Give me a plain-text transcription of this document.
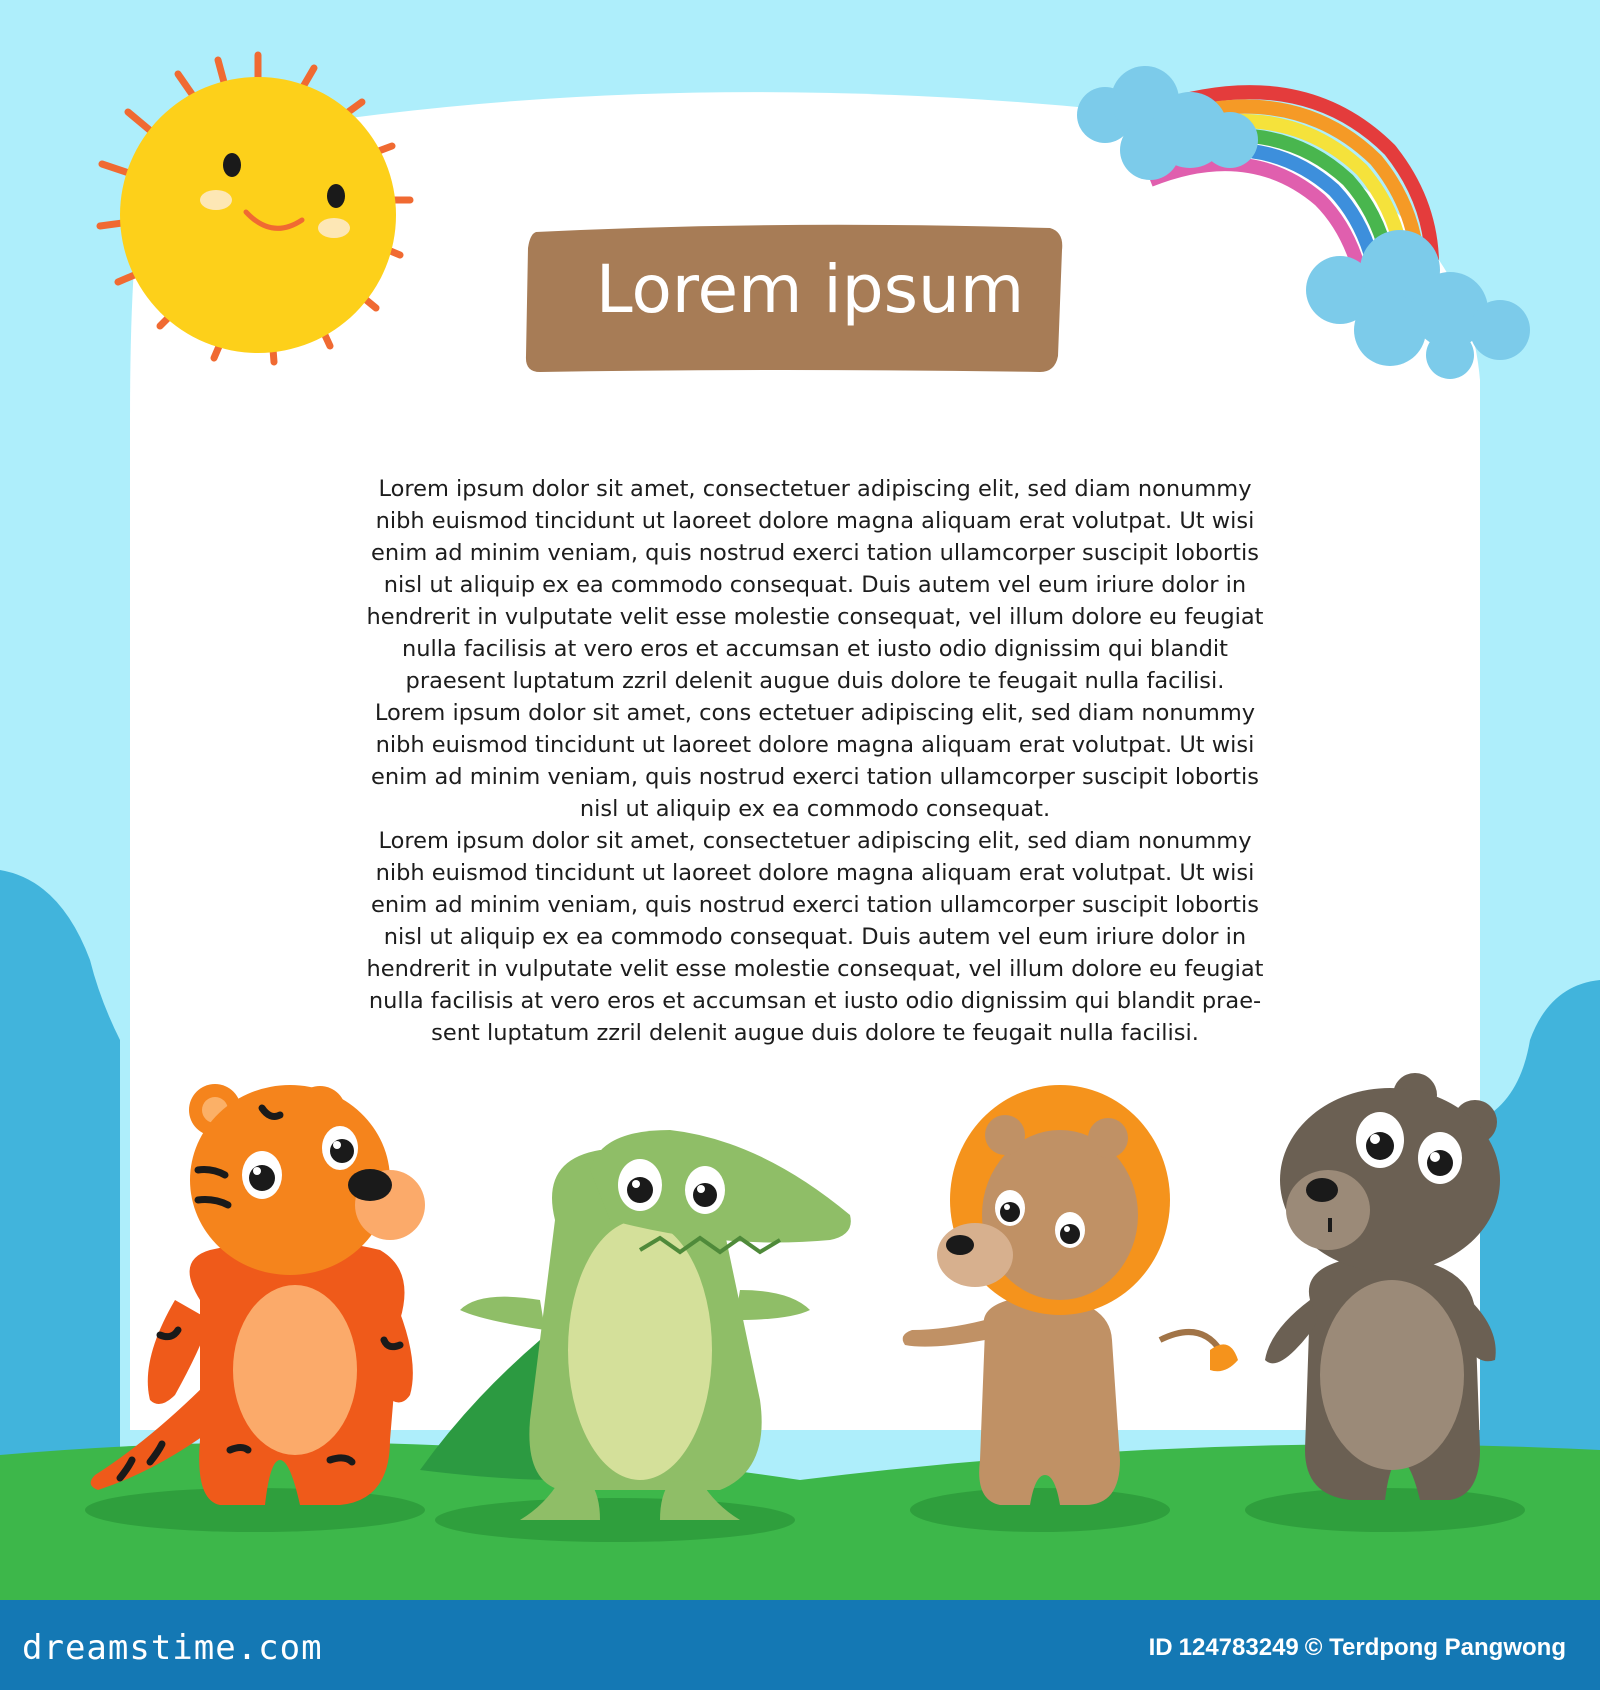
Lorem ipsum

Lorem ipsum dolor sit amet, consectetuer adipiscing elit, sed diam nonummy nibh euismod tincidunt ut laoreet dolore magna aliquam erat volutpat. Ut wisi enim ad minim veniam, quis nostrud exerci tation ullamcorper suscipit lobortis nisl ut aliquip ex ea commodo consequat. Duis autem vel eum iriure dolor in hendrerit in vulputate velit esse molestie consequat, vel illum dolore eu feugiat nulla facilisis at vero eros et accumsan et iusto odio dignissim qui blandit praesent luptatum zzril delenit augue duis dolore te feugait nulla facilisi.

Lorem ipsum dolor sit amet, cons ectetuer adipiscing elit, sed diam nonummy nibh euismod tincidunt ut laoreet dolore magna aliquam erat volutpat. Ut wisi enim ad minim veniam, quis nostrud exerci tation ullamcorper suscipit lobortis nisl ut aliquip ex ea commodo consequat.

Lorem ipsum dolor sit amet, consectetuer adipiscing elit, sed diam nonummy nibh euismod tincidunt ut laoreet dolore magna aliquam erat volutpat. Ut wisi enim ad minim veniam, quis nostrud exerci tation ullamcorper suscipit lobortis nisl ut aliquip ex ea commodo consequat. Duis autem vel eum iriure dolor in hendrerit in vulputate velit esse molestie consequat, vel illum dolore eu feugiat nulla facilisis at vero eros et accumsan et iusto odio dignissim qui blandit prae-sent luptatum zzril delenit augue duis dolore te feugait nulla facilisi.

dreamstime.com	ID 124783249 © Terdpong Pangwong
